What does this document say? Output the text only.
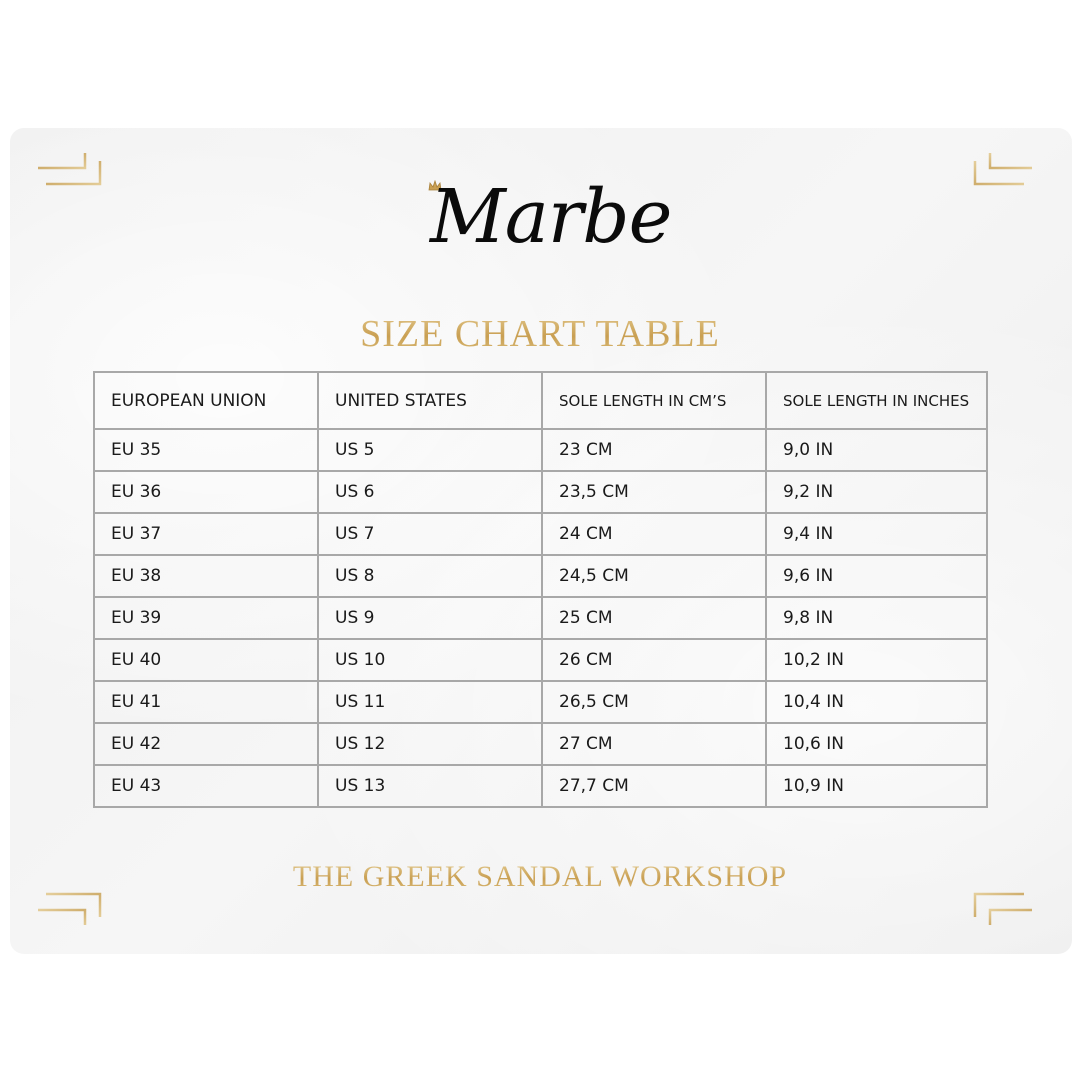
Marbe
SIZE CHART TABLE
EUROPEAN UNION	UNITED STATES	SOLE LENGTH IN CM’S	SOLE LENGTH IN INCHES
EU 35	US 5	23 CM	9,0 IN
EU 36	US 6	23,5 CM	9,2 IN
EU 37	US 7	24 CM	9,4 IN
EU 38	US 8	24,5 CM	9,6 IN
EU 39	US 9	25 CM	9,8 IN
EU 40	US 10	26 CM	10,2 IN
EU 41	US 11	26,5 CM	10,4 IN
EU 42	US 12	27 CM	10,6 IN
EU 43	US 13	27,7 CM	10,9 IN
THE GREEK SANDAL WORKSHOP
